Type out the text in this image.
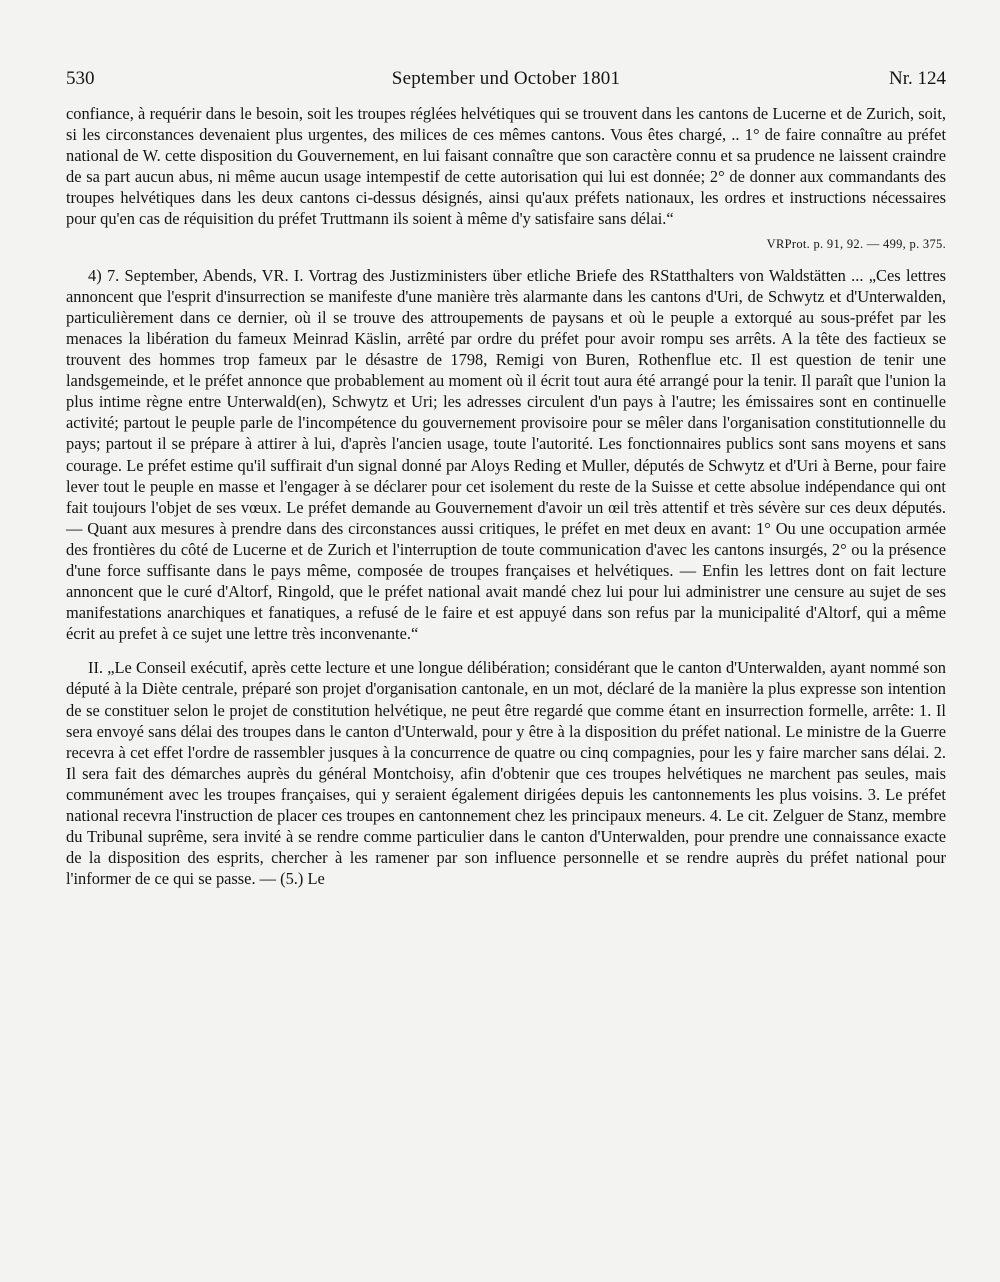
530	September und October 1801	Nr. 124

confiance, à requérir dans le besoin, soit les troupes réglées helvétiques qui se trouvent dans les cantons de Lucerne et de Zurich, soit, si les circonstances devenaient plus urgentes, des milices de ces mêmes cantons. Vous êtes chargé, .. 1° de faire connaître au préfet national de W. cette disposition du Gouvernement, en lui faisant connaître que son caractère connu et sa prudence ne laissent craindre de sa part aucun abus, ni même aucun usage intempestif de cette autorisation qui lui est donnée; 2° de donner aux commandants des troupes helvétiques dans les deux cantons ci-dessus désignés, ainsi qu'aux préfets nationaux, les ordres et instructions nécessaires pour qu'en cas de réquisition du préfet Truttmann ils soient à même d'y satisfaire sans délai.“

VRProt. p. 91, 92. — 499, p. 375.

4) 7. September, Abends, VR. I. Vortrag des Justizministers über etliche Briefe des RStatthalters von Waldstätten ... „Ces lettres annoncent que l'esprit d'insurrection se manifeste d'une manière très alarmante dans les cantons d'Uri, de Schwytz et d'Unterwalden, particulièrement dans ce dernier, où il se trouve des attroupements de paysans et où le peuple a extorqué au sous-préfet par les menaces la libération du fameux Meinrad Käslin, arrêté par ordre du préfet pour avoir rompu ses arrêts. A la tête des factieux se trouvent des hommes trop fameux par le désastre de 1798, Remigi von Buren, Rothenflue etc. Il est question de tenir une landsgemeinde, et le préfet annonce que probablement au moment où il écrit tout aura été arrangé pour la tenir. Il paraît que l'union la plus intime règne entre Unterwald(en), Schwytz et Uri; les adresses circulent d'un pays à l'autre; les émissaires sont en continuelle activité; partout le peuple parle de l'incompétence du gouvernement provisoire pour se mêler dans l'organisation constitutionnelle du pays; partout il se prépare à attirer à lui, d'après l'ancien usage, toute l'autorité. Les fonctionnaires publics sont sans moyens et sans courage. Le préfet estime qu'il suffirait d'un signal donné par Aloys Reding et Muller, députés de Schwytz et d'Uri à Berne, pour faire lever tout le peuple en masse et l'engager à se déclarer pour cet isolement du reste de la Suisse et cette absolue indépendance qui ont fait toujours l'objet de ses vœux. Le préfet demande au Gouvernement d'avoir un œil très attentif et très sévère sur ces deux députés. — Quant aux mesures à prendre dans des circonstances aussi critiques, le préfet en met deux en avant: 1° Ou une occupation armée des frontières du côté de Lucerne et de Zurich et l'interruption de toute communication d'avec les cantons insurgés, 2° ou la présence d'une force suffisante dans le pays même, composée de troupes françaises et helvétiques. — Enfin les lettres dont on fait lecture annoncent que le curé d'Altorf, Ringold, que le préfet national avait mandé chez lui pour lui administrer une censure au sujet de ses manifestations anarchiques et fanatiques, a refusé de le faire et est appuyé dans son refus par la municipalité d'Altorf, qui a même écrit au prefet à ce sujet une lettre très inconvenante.“

II. „Le Conseil exécutif, après cette lecture et une longue délibération; considérant que le canton d'Unterwalden, ayant nommé son député à la Diète centrale, préparé son projet d'organisation cantonale, en un mot, déclaré de la manière la plus expresse son intention de se constituer selon le projet de constitution helvétique, ne peut être regardé que comme étant en insurrection formelle, arrête: 1. Il sera envoyé sans délai des troupes dans le canton d'Unterwald, pour y être à la disposition du préfet national. Le ministre de la Guerre recevra à cet effet l'ordre de rassembler jusques à la concurrence de quatre ou cinq compagnies, pour les y faire marcher sans délai. 2. Il sera fait des démarches auprès du général Montchoisy, afin d'obtenir que ces troupes helvétiques ne marchent pas seules, mais communément avec les troupes françaises, qui y seraient également dirigées depuis les cantonnements les plus voisins. 3. Le préfet national recevra l'instruction de placer ces troupes en cantonnement chez les principaux meneurs. 4. Le cit. Zelguer de Stanz, membre du Tribunal suprême, sera invité à se rendre comme particulier dans le canton d'Unterwalden, pour prendre une connaissance exacte de la disposition des esprits, chercher à les ramener par son influence personnelle et se rendre auprès du préfet national pour l'informer de ce qui se passe. — (5.) Le
